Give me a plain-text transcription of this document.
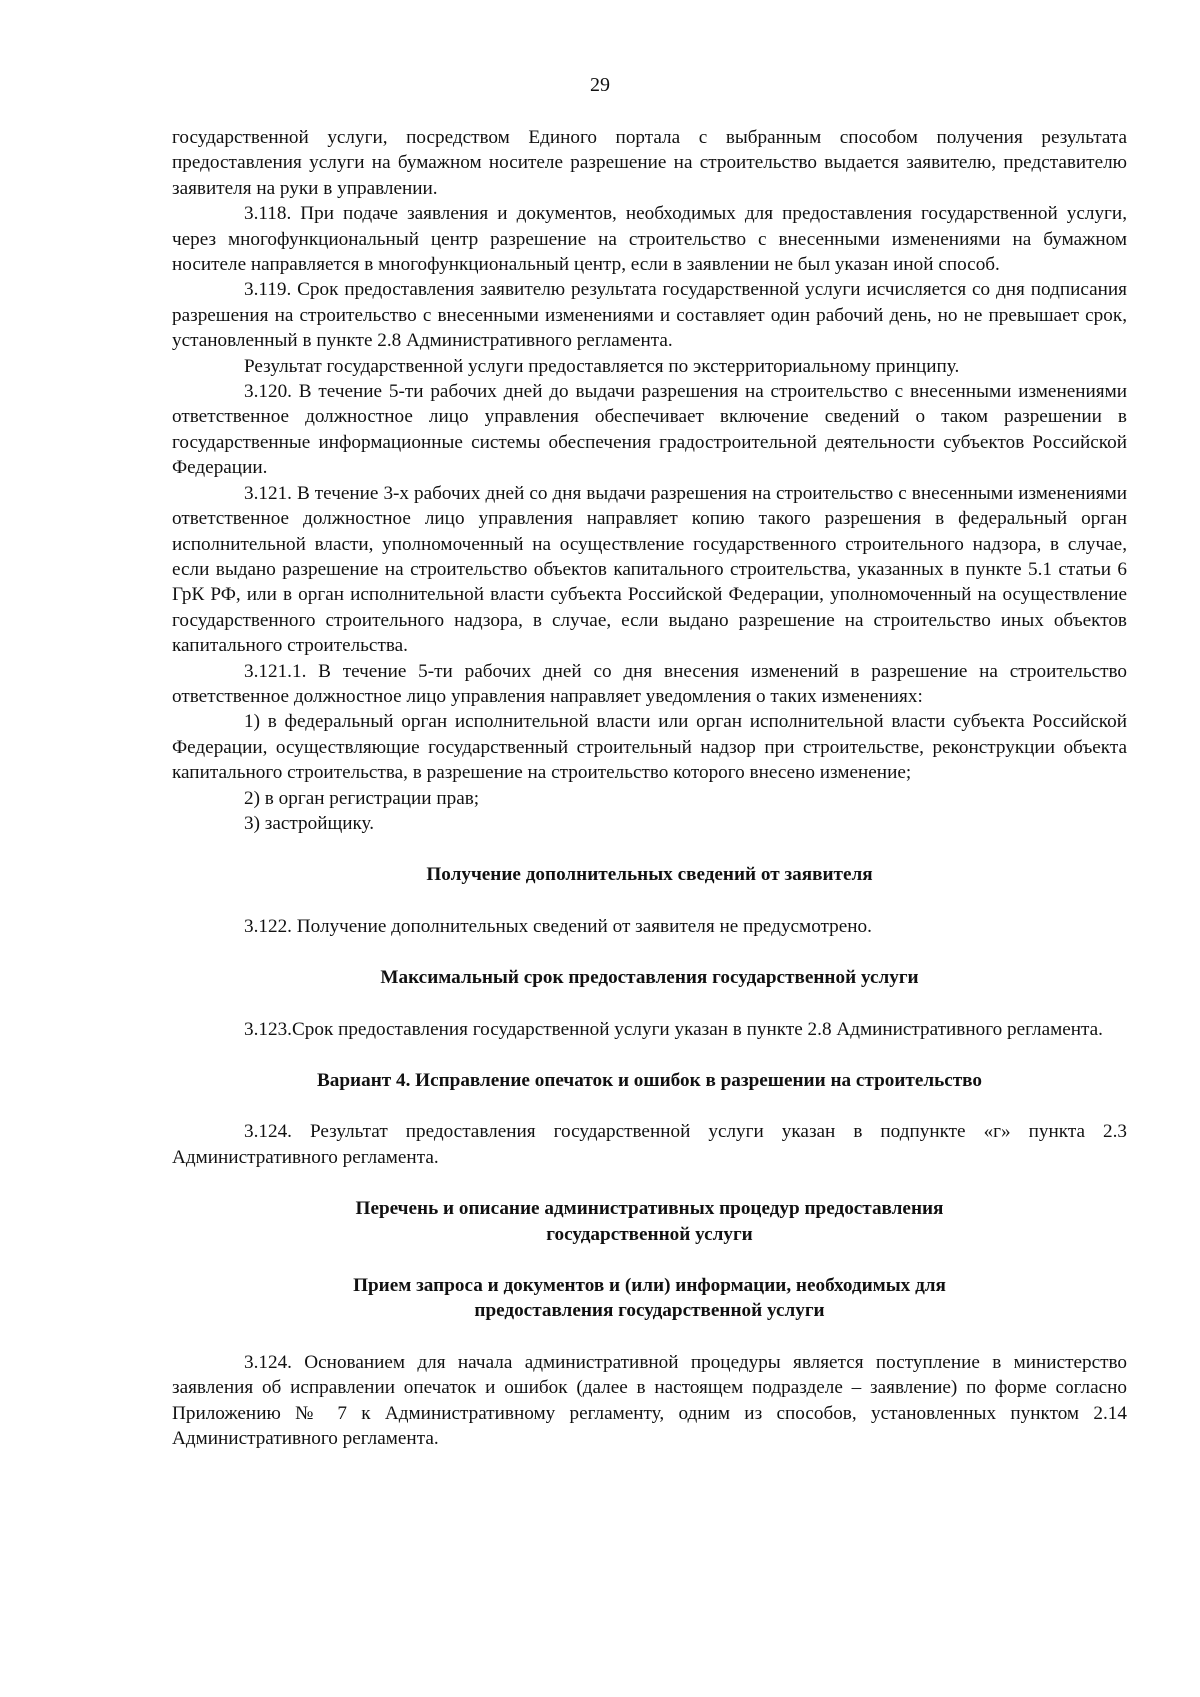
29

государственной услуги, посредством Единого портала с выбранным способом получения результата предоставления услуги на бумажном носителе разрешение на строительство выдается заявителю, представителю заявителя на руки в управлении.

3.118. При подаче заявления и документов, необходимых для предоставления государственной услуги, через многофункциональный центр разрешение на строительство с внесенными изменениями на бумажном носителе направляется в многофункциональный центр, если в заявлении не был указан иной способ.

3.119. Срок предоставления заявителю результата государственной услуги исчисляется со дня подписания разрешения на строительство с внесенными изменениями и составляет один рабочий день, но не превышает срок, установленный в пункте 2.8 Административного регламента.

Результат государственной услуги предоставляется по экстерриториальному принципу.

3.120. В течение 5-ти рабочих дней до выдачи разрешения на строительство с внесенными изменениями ответственное должностное лицо управления обеспечивает включение сведений о таком разрешении в государственные информационные системы обеспечения градостроительной деятельности субъектов Российской Федерации.

3.121. В течение 3-х рабочих дней со дня выдачи разрешения на строительство с внесенными изменениями ответственное должностное лицо управления направляет копию такого разрешения в федеральный орган исполнительной власти, уполномоченный на осуществление государственного строительного надзора, в случае, если выдано разрешение на строительство объектов капитального строительства, указанных в пункте 5.1 статьи 6 ГрК РФ, или в орган исполнительной власти субъекта Российской Федерации, уполномоченный на осуществление государственного строительного надзора, в случае, если выдано разрешение на строительство иных объектов капитального строительства.

3.121.1. В течение 5-ти рабочих дней со дня внесения изменений в разрешение на строительство ответственное должностное лицо управления направляет уведомления о таких изменениях:

1) в федеральный орган исполнительной власти или орган исполнительной власти субъекта Российской Федерации, осуществляющие государственный строительный надзор при строительстве, реконструкции объекта капитального строительства, в разрешение на строительство которого внесено изменение;

2) в орган регистрации прав;

3) застройщику.

Получение дополнительных сведений от заявителя

3.122. Получение дополнительных сведений от заявителя не предусмотрено.

Максимальный срок предоставления государственной услуги

3.123.Срок предоставления государственной услуги указан в пункте 2.8 Административного регламента.

Вариант 4. Исправление опечаток и ошибок в разрешении на строительство

3.124. Результат предоставления государственной услуги указан в подпункте «г» пункта 2.3 Административного регламента.

Перечень и описание административных процедур предоставления государственной услуги

Прием запроса и документов и (или) информации, необходимых для предоставления государственной услуги

3.124. Основанием для начала административной процедуры является поступление в министерство заявления об исправлении опечаток и ошибок (далее в настоящем подразделе – заявление) по форме согласно Приложению № 7 к Административному регламенту, одним из способов, установленных пунктом 2.14 Административного регламента.
